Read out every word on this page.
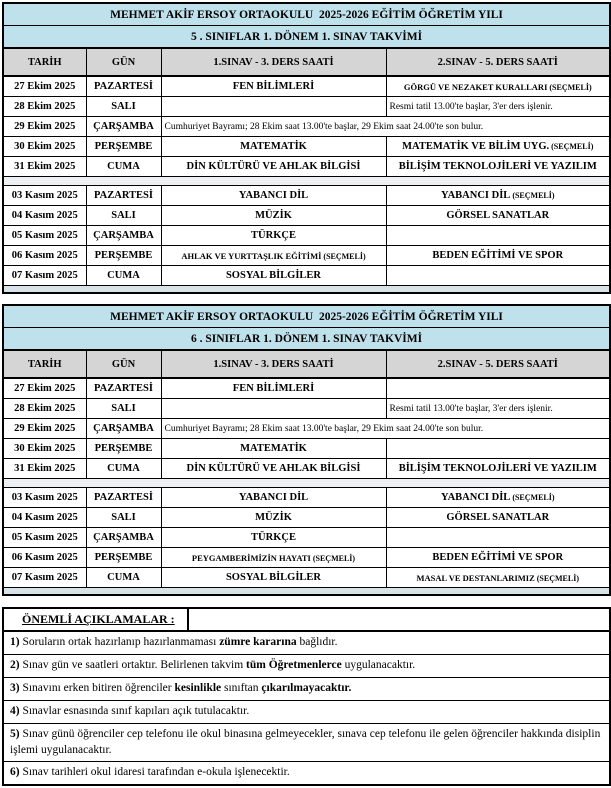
MEHMET AKİF ERSOY ORTAOKULU  2025-2026 EĞİTİM ÖĞRETİM YILI			
5 . SINIFLAR 1. DÖNEM 1. SINAV TAKVİMİ			
TARİH	GÜN	1.SINAV - 3. DERS SAATİ	2.SINAV - 5. DERS SAATİ
27 Ekim 2025	PAZARTESİ	FEN BİLİMLERİ	GÖRGÜ VE NEZAKET KURALLARI (SEÇMELİ)
28 Ekim 2025	SALI		Resmi tatil 13.00'te başlar, 3'er ders işlenir.
29 Ekim 2025	ÇARŞAMBA	Cumhuriyet Bayramı; 28 Ekim saat 13.00'te başlar, 29 Ekim saat 24.00'te son bulur.	
30 Ekim 2025	PERŞEMBE	MATEMATİK	MATEMATİK VE BİLİM UYG. (SEÇMELİ)
31 Ekim 2025	CUMA	DİN KÜLTÜRÜ VE AHLAK BİLGİSİ	BİLİŞİM TEKNOLOJİLERİ VE YAZILIM

03 Kasım 2025	PAZARTESİ	YABANCI DİL	YABANCI DİL (SEÇMELİ)
04 Kasım 2025	SALI	MÜZİK	GÖRSEL SANATLAR
05 Kasım 2025	ÇARŞAMBA	TÜRKÇE	
06 Kasım 2025	PERŞEMBE	AHLAK VE YURTTAŞLIK EĞİTİMİ (SEÇMELİ)	BEDEN EĞİTİMİ VE SPOR
07 Kasım 2025	CUMA	SOSYAL BİLGİLER	

MEHMET AKİF ERSOY ORTAOKULU  2025-2026 EĞİTİM ÖĞRETİM YILI			
6 . SINIFLAR 1. DÖNEM 1. SINAV TAKVİMİ			
TARİH	GÜN	1.SINAV - 3. DERS SAATİ	2.SINAV - 5. DERS SAATİ
27 Ekim 2025	PAZARTESİ	FEN BİLİMLERİ	
28 Ekim 2025	SALI		Resmi tatil 13.00'te başlar, 3'er ders işlenir.
29 Ekim 2025	ÇARŞAMBA	Cumhuriyet Bayramı; 28 Ekim saat 13.00'te başlar, 29 Ekim saat 24.00'te son bulur.	
30 Ekim 2025	PERŞEMBE	MATEMATİK	
31 Ekim 2025	CUMA	DİN KÜLTÜRÜ VE AHLAK BİLGİSİ	BİLİŞİM TEKNOLOJİLERİ VE YAZILIM

03 Kasım 2025	PAZARTESİ	YABANCI DİL	YABANCI DİL (SEÇMELİ)
04 Kasım 2025	SALI	MÜZİK	GÖRSEL SANATLAR
05 Kasım 2025	ÇARŞAMBA	TÜRKÇE	
06 Kasım 2025	PERŞEMBE	PEYGAMBERİMİZİN HAYATI (SEÇMELİ)	BEDEN EĞİTİMİ VE SPOR
07 Kasım 2025	CUMA	SOSYAL BİLGİLER	MASAL VE DESTANLARIMIZ (SEÇMELİ)

ÖNEMLİ AÇIKLAMALAR :	
1) Soruların ortak hazırlanıp hazırlanmaması zümre kararına bağlıdır.
2) Sınav gün ve saatleri ortaktır. Belirlenen takvim tüm Öğretmenlerce uygulanacaktır.
3) Sınavını erken bitiren öğrenciler kesinlikle sınıftan çıkarılmayacaktır.
4) Sınavlar esnasında sınıf kapıları açık tutulacaktır.
5) Sınav günü öğrenciler cep telefonu ile okul binasına gelmeyecekler, sınava cep telefonu ile gelen öğrenciler hakkında disiplin işlemi uygulanacaktır.
6) Sınav tarihleri okul idaresi tarafından e-okula işlenecektir.
